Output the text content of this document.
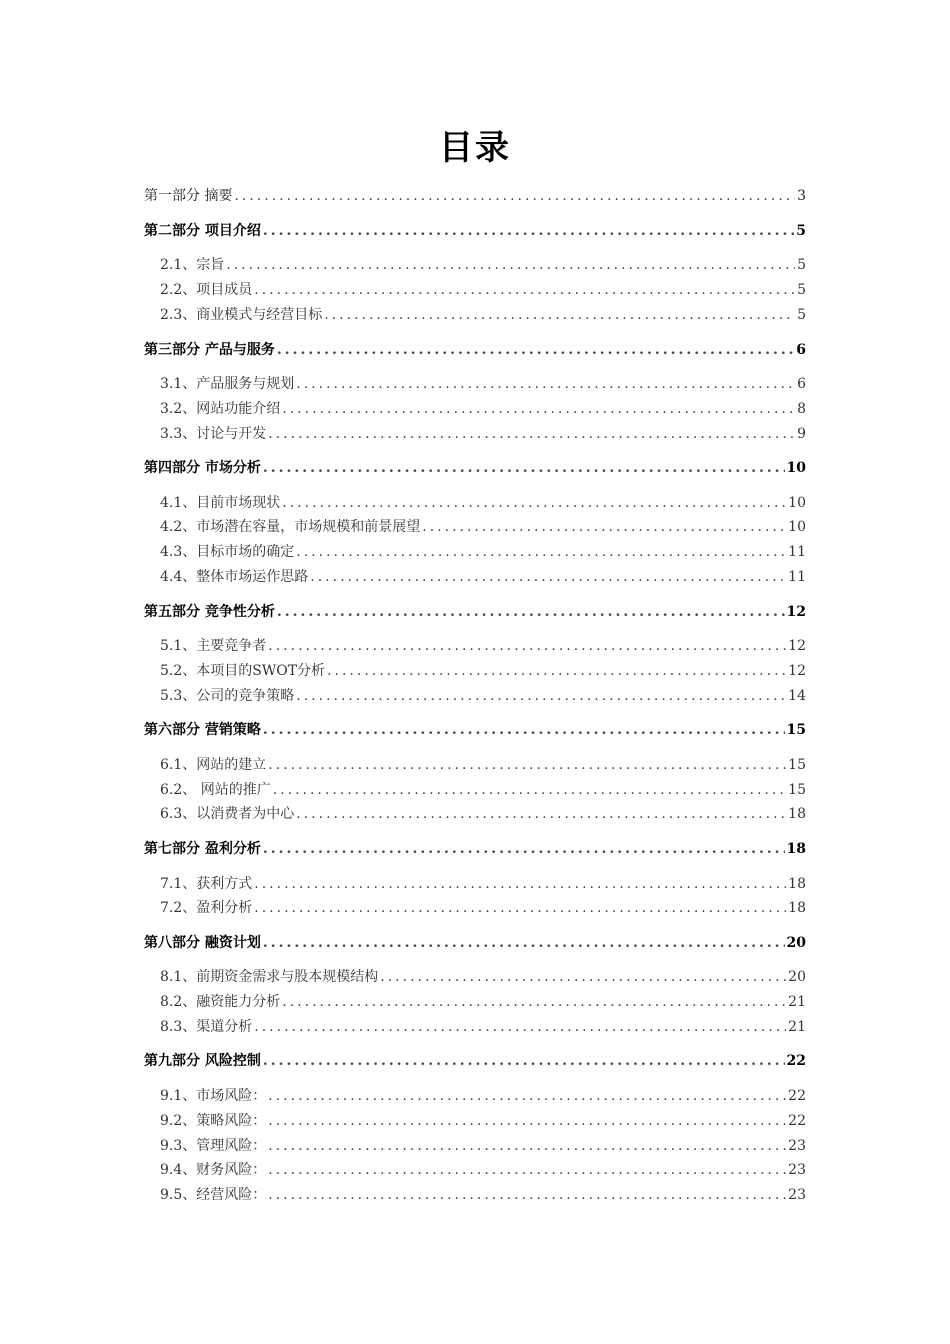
目录
第一部分 摘要 .....	3
第二部分 项目介绍 .....	5
2.1、宗旨 .....	5
2.2、项目成员 .....	5
2.3、商业模式与经营目标 .....	5
第三部分 产品与服务 .....	6
3.1、产品服务与规划 .....	6
3.2、网站功能介绍 .....	8
3.3、讨论与开发 .....	9
第四部分 市场分析 .....	10
4.1、目前市场现状 .....	10
4.2、市场潜在容量，市场规模和前景展望 .....	10
4.3、目标市场的确定 .....	11
4.4、整体市场运作思路 .....	11
第五部分 竞争性分析 .....	12
5.1、主要竞争者 .....	12
5.2、本项目的SWOT分析 .....	12
5.3、公司的竞争策略 .....	14
第六部分 营销策略 .....	15
6.1、网站的建立 .....	15
6.2、 网站的推广 .....	15
6.3、以消费者为中心 .....	18
第七部分 盈利分析 .....	18
7.1、获利方式 .....	18
7.2、盈利分析 .....	18
第八部分 融资计划 .....	20
8.1、前期资金需求与股本规模结构 .....	20
8.2、融资能力分析 .....	21
8.3、渠道分析 .....	21
第九部分 风险控制 .....	22
9.1、市场风险： .....	22
9.2、策略风险： .....	22
9.3、管理风险： .....	23
9.4、财务风险： .....	23
9.5、经营风险： .....	23
